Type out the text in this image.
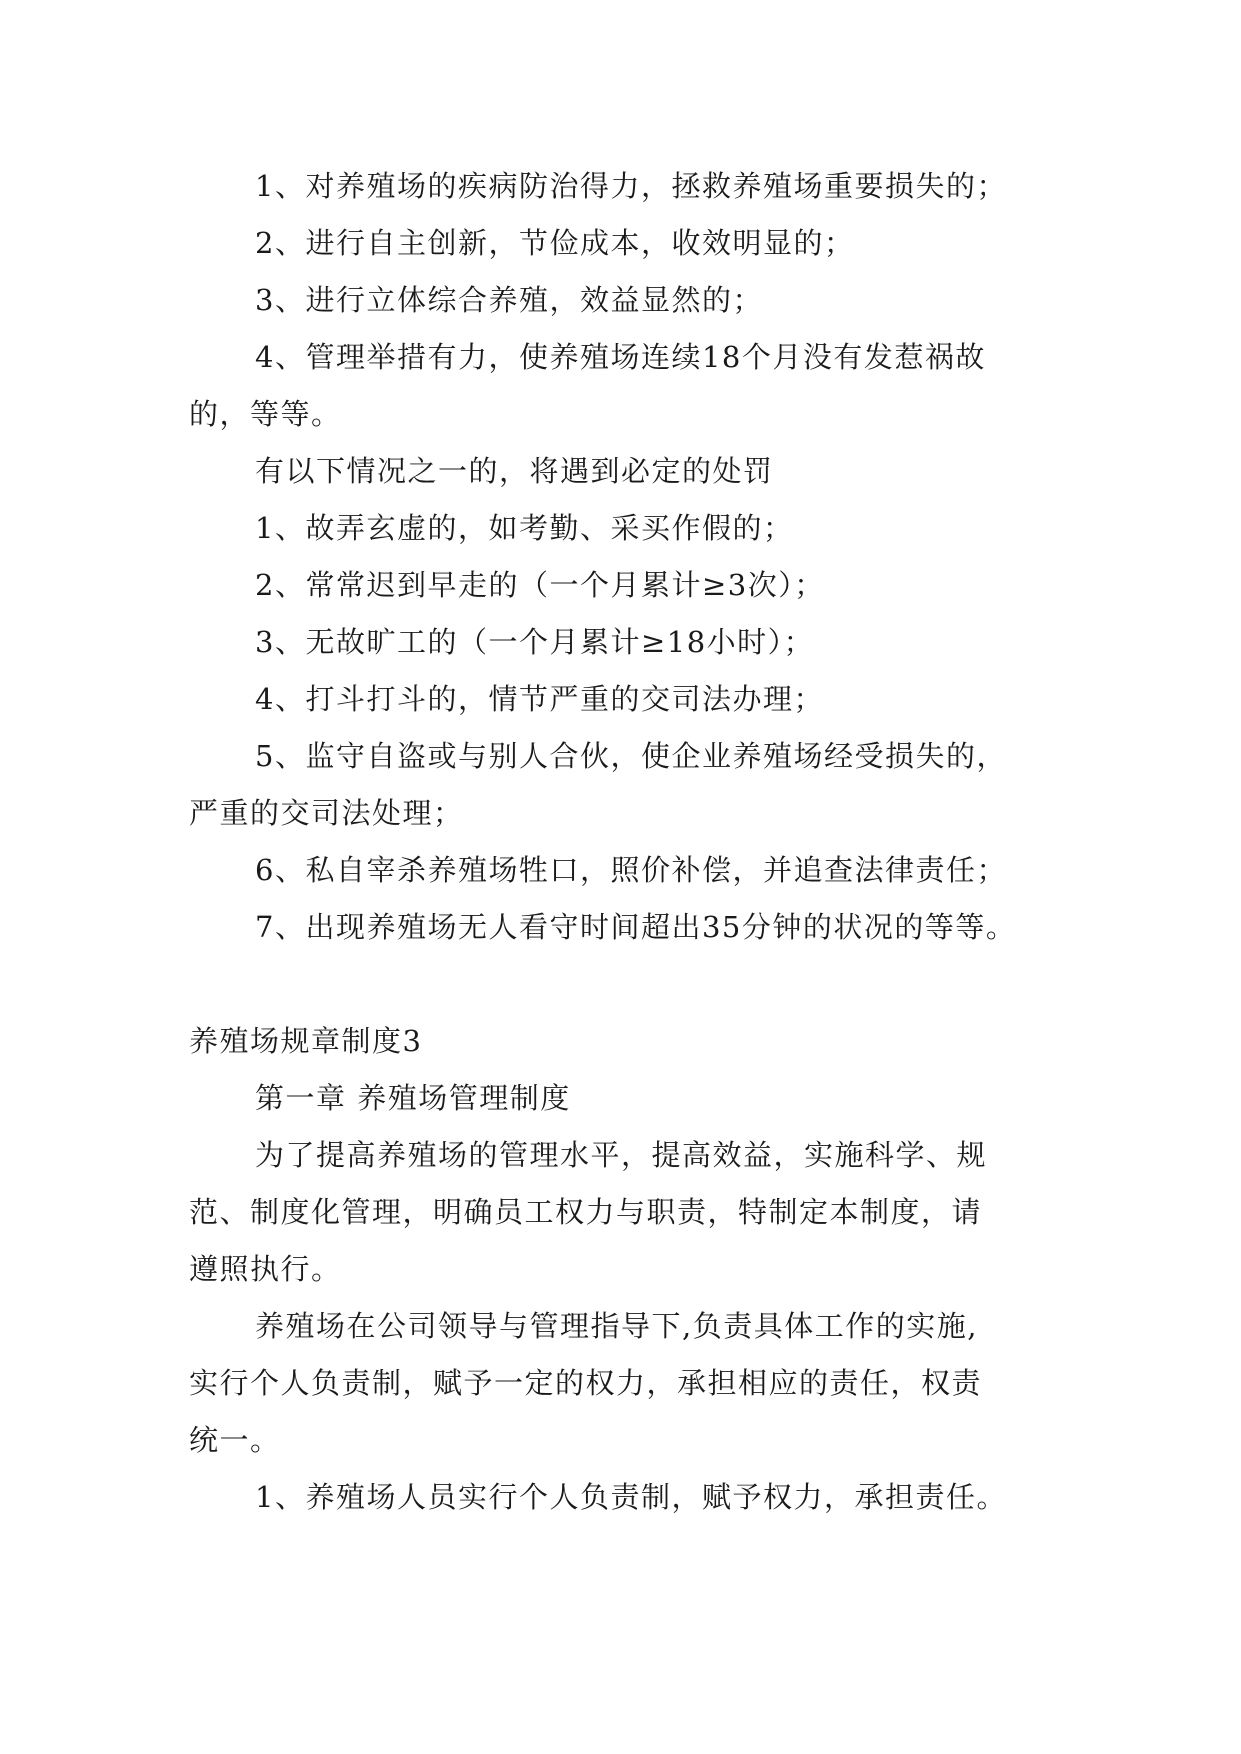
1、对养殖场的疾病防治得力，拯救养殖场重要损失的；
2、进行自主创新，节俭成本，收效明显的；
3、进行立体综合养殖，效益显然的；
4、管理举措有力，使养殖场连续18个月没有发惹祸故
的，等等。
有以下情况之一的，将遇到必定的处罚
1、故弄玄虚的，如考勤、采买作假的；
2、常常迟到早走的（一个月累计≥3次）；
3、无故旷工的（一个月累计≥18小时）；
4、打斗打斗的，情节严重的交司法办理；
5、监守自盗或与别人合伙，使企业养殖场经受损失的，
严重的交司法处理；
6、私自宰杀养殖场牲口，照价补偿，并追查法律责任；
7、出现养殖场无人看守时间超出35分钟的状况的等等。
养殖场规章制度3
第一章 养殖场管理制度
为了提高养殖场的管理水平，提高效益，实施科学、规
范、制度化管理，明确员工权力与职责，特制定本制度，请
遵照执行。
养殖场在公司领导与管理指导下,负责具体工作的实施,
实行个人负责制，赋予一定的权力，承担相应的责任，权责
统一。
1、养殖场人员实行个人负责制，赋予权力，承担责任。
